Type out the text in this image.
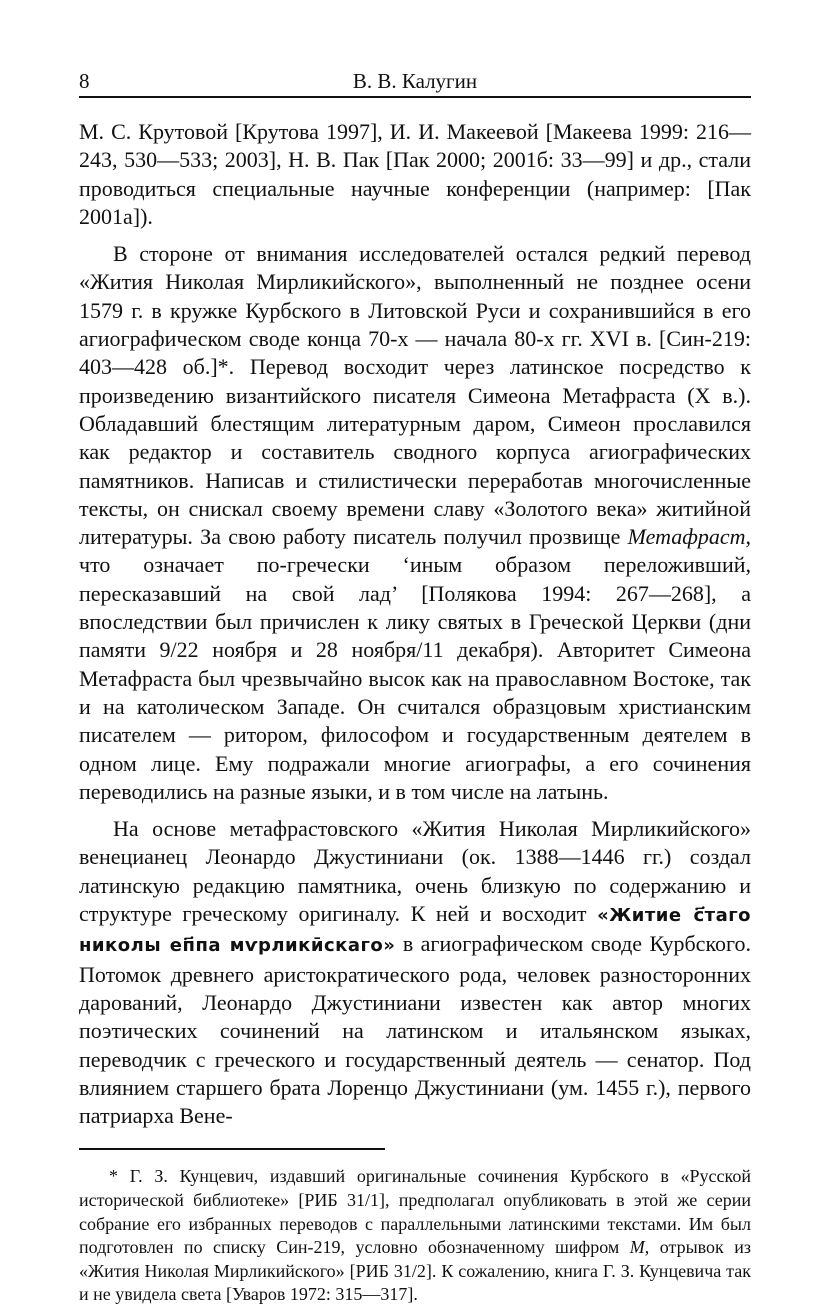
8	В. В. Калугин

М. С. Крутовой [Крутова 1997], И. И. Макеевой [Макеева 1999: 216—243, 530—533; 2003], Н. В. Пак [Пак 2000; 2001б: 33—99] и др., стали проводиться специальные научные конференции (например: [Пак 2001а]).

В стороне от внимания исследователей остался редкий перевод «Жития Николая Мирликийского», выполненный не позднее осени 1579 г. в кружке Курбского в Литовской Руси и сохранившийся в его агиографическом своде конца 70-х — начала 80-х гг. XVI в. [Син-219: 403—428 об.]*. Перевод восходит через латинское посредство к произведению византийского писателя Симеона Метафраста (X в.). Обладавший блестящим литературным даром, Симеон прославился как редактор и составитель сводного корпуса агиографических памятников. Написав и стилистически переработав многочисленные тексты, он снискал своему времени славу «Золотого века» житийной литературы. За свою работу писатель получил прозвище Метафраст, что означает по-гречески ‘иным образом переложивший, пересказавший на свой лад’ [Полякова 1994: 267—268], а впоследствии был причислен к лику святых в Греческой Церкви (дни памяти 9/22 ноября и 28 ноября/11 декабря). Авторитет Симеона Метафраста был чрезвычайно высок как на православном Востоке, так и на католическом Западе. Он считался образцовым христианским писателем — ритором, философом и государственным деятелем в одном лице. Ему подражали многие агиографы, а его сочинения переводились на разные языки, и в том числе на латынь.

На основе метафрастовского «Жития Николая Мирликийского» венецианец Леонардо Джустиниани (ок. 1388—1446 гг.) создал латинскую редакцию памятника, очень близкую по содержанию и структуре греческому оригиналу. К ней и восходит «Житие с҃таго николы еп҃па мѵрликӣскаго» в агиографическом своде Курбского. Потомок древнего аристократического рода, человек разносторонних дарований, Леонардо Джустиниани известен как автор многих поэтических сочинений на латинском и итальянском языках, переводчик с греческого и государственный деятель — сенатор. Под влиянием старшего брата Лоренцо Джустиниани (ум. 1455 г.), первого патриарха Вене-

* Г. З. Кунцевич, издавший оригинальные сочинения Курбского в «Русской исторической библиотеке» [РИБ 31/1], предполагал опубликовать в этой же серии собрание его избранных переводов с параллельными латинскими текстами. Им был подготовлен по списку Син-219, условно обозначенному шифром М, отрывок из «Жития Николая Мирликийского» [РИБ 31/2]. К сожалению, книга Г. З. Кунцевича так и не увидела света [Уваров 1972: 315—317].
